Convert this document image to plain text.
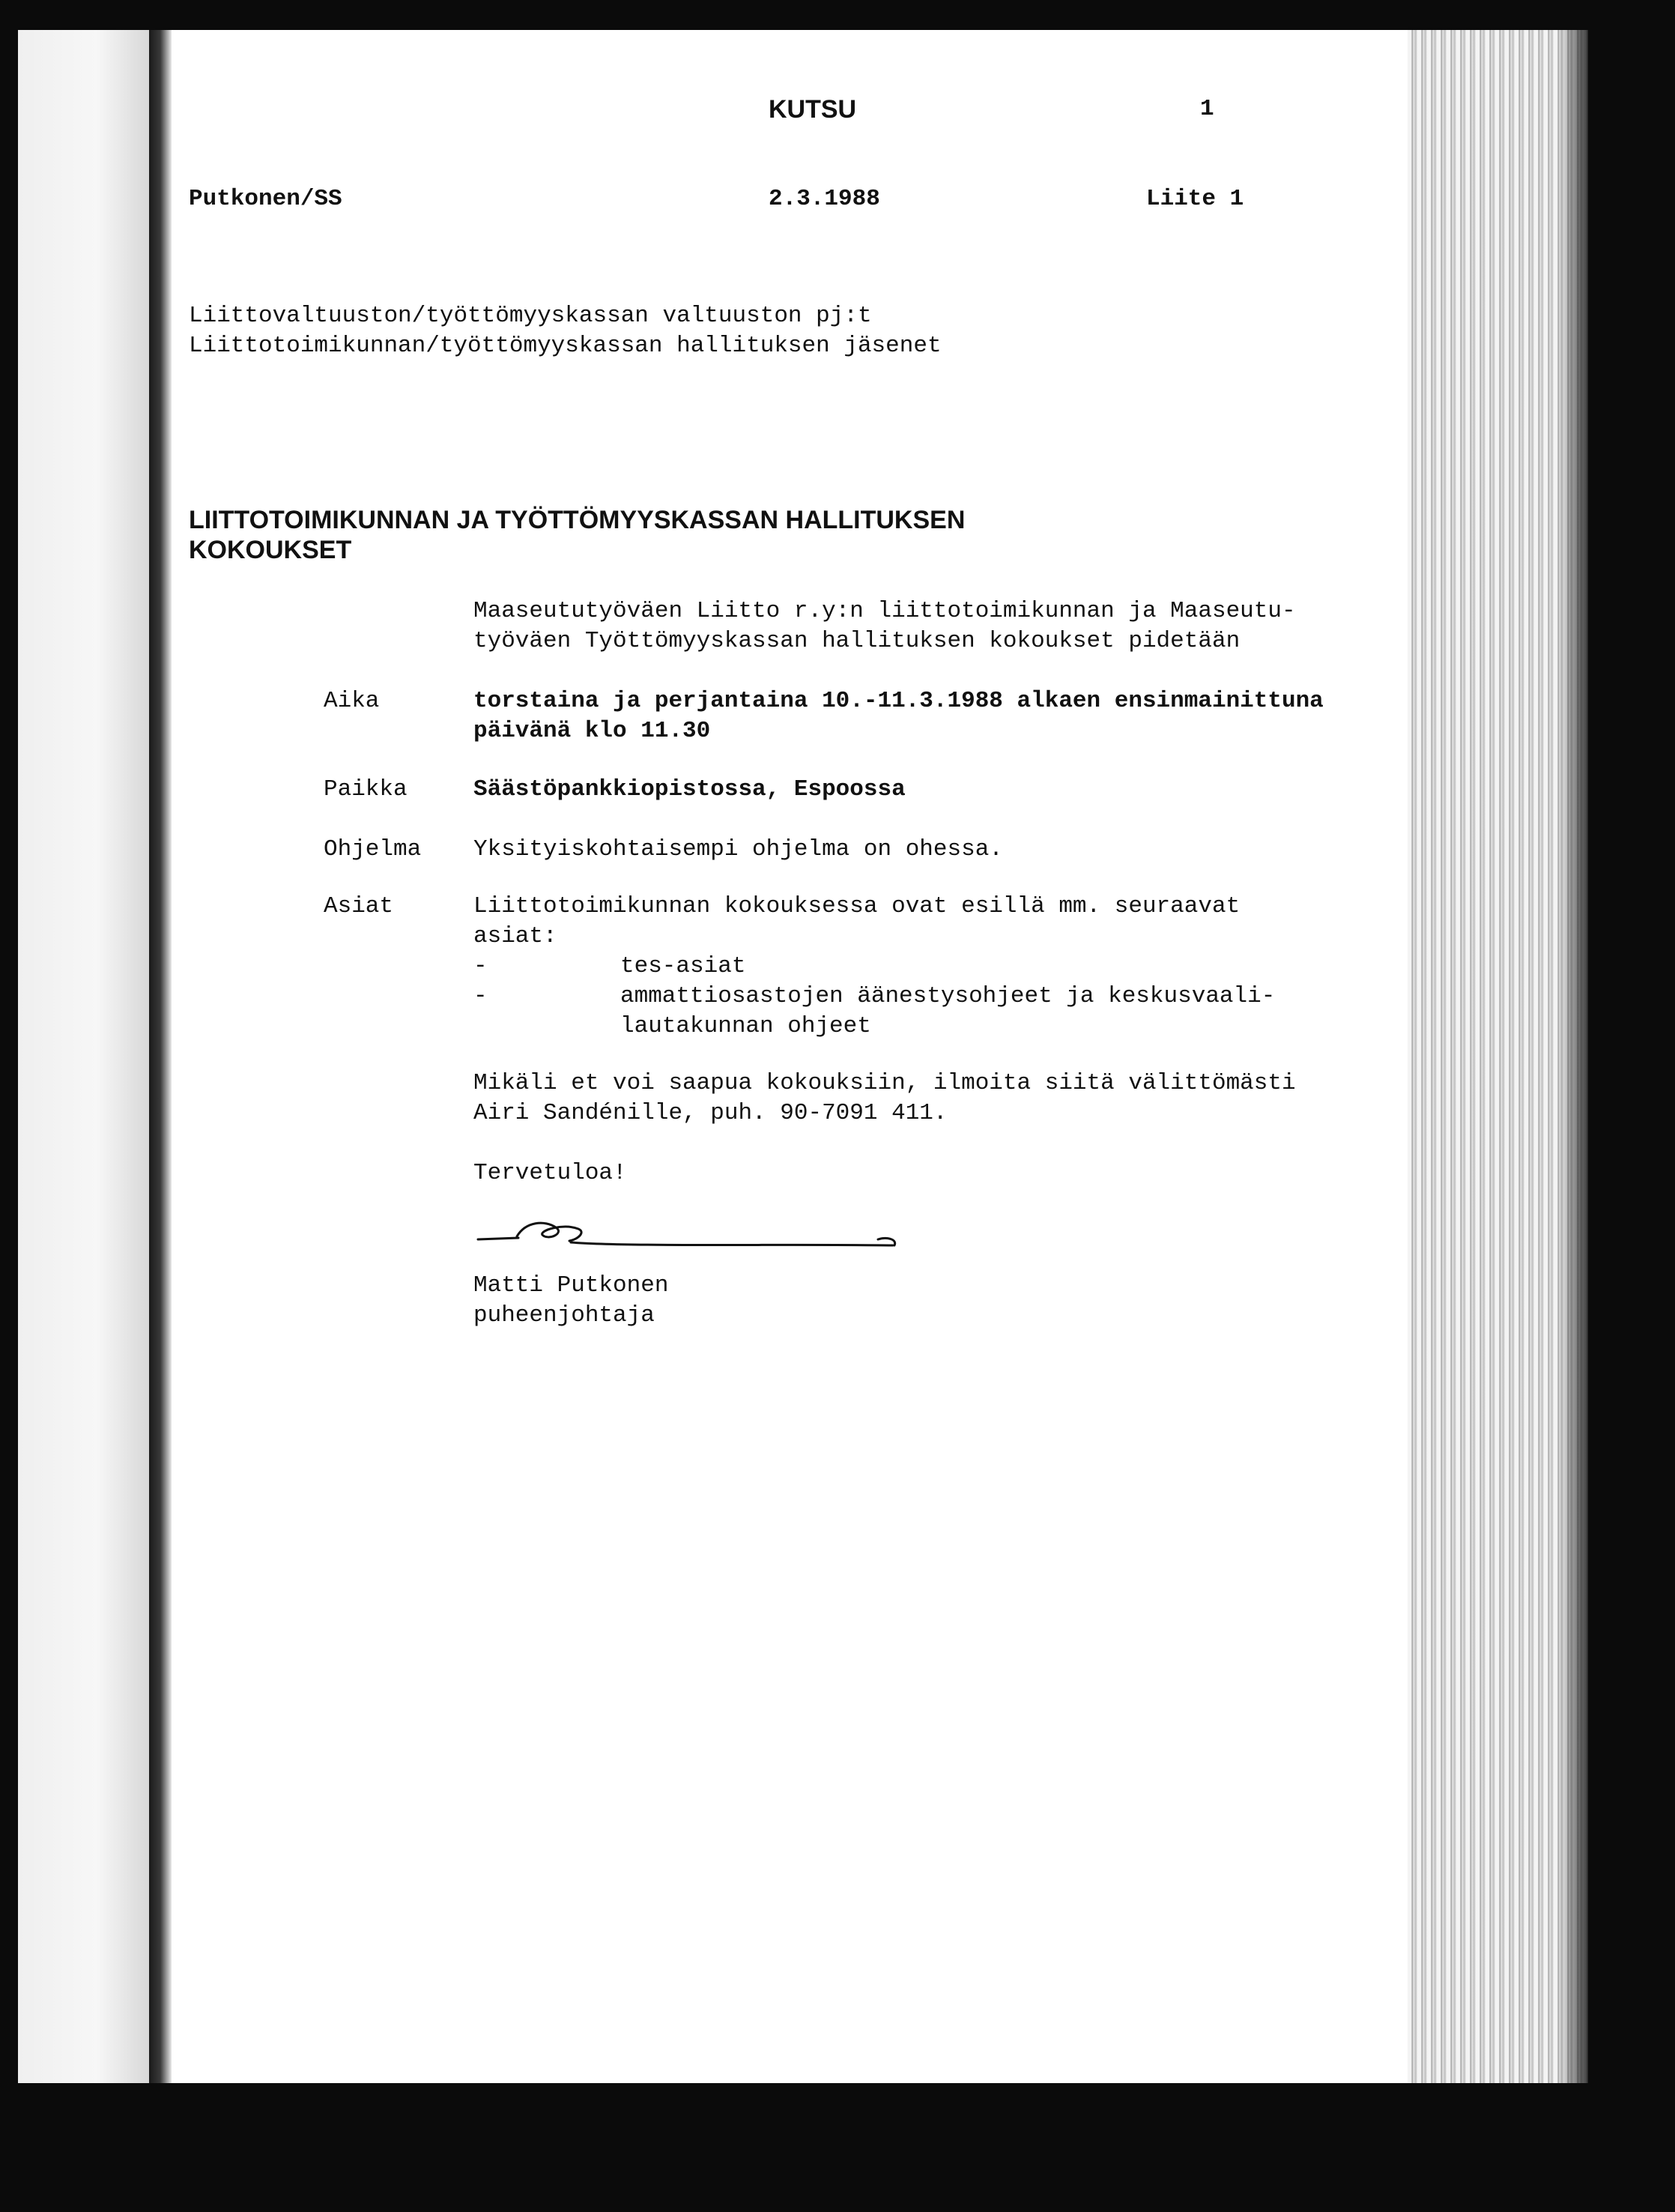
KUTSU	1

Putkonen/SS	2.3.1988	Liite 1

Liittovaltuuston/työttömyyskassan valtuuston pj:t

Liittotoimikunnan/työttömyyskassan hallituksen jäsenet

LIITTOTOIMIKUNNAN JA TYÖTTÖMYYSKASSAN HALLITUKSEN

KOKOUKSET

Maaseututyöväen Liitto r.y:n liittotoimikunnan ja Maaseutu-

työväen Työttömyyskassan hallituksen kokoukset pidetään

Aika	torstaina ja perjantaina 10.-11.3.1988 alkaen ensinmainittuna

päivänä klo 11.30

Paikka	Säästöpankkiopistossa, Espoossa

Ohjelma Yksityiskohtaisempi ohjelma on ohessa.

Asiat	Liittotoimikunnan kokouksessa ovat esillä mm. seuraavat

asiat:

-	tes-asiat

-	ammattiosastojen äänestysohjeet ja keskusvaali-

lautakunnan ohjeet

Mikäli et voi saapua kokouksiin, ilmoita siitä välittömästi

Airi Sandénille, puh. 90-7091 411.

Tervetuloa!

Matti Putkonen

puheenjohtaja
